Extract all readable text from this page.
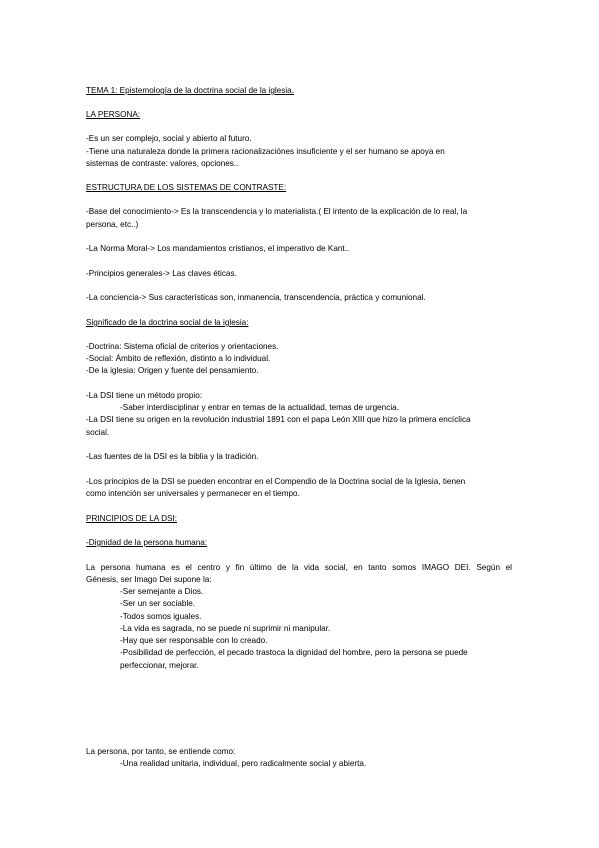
TEMA 1: Epistemología de la doctrina social de la iglesia.
LA PERSONA:
-Es un ser complejo, social y abierto al futuro.
-Tiene una naturaleza donde la primera racionalizaciónes insuficiente y el ser humano se apoya en
sistemas de contraste: valores, opciones..
ESTRUCTURA DE LOS SISTEMAS DE CONTRASTE:
-Base del conocimiento-> Es la transcendencia y lo materialista.( El intento de la explicación de lo real, la
persona, etc..)
-La Norma Moral-> Los mandamientos cristianos, el imperativo de Kant..
-Principios generales-> Las claves éticas.
-La conciencia-> Sus características son, inmanencia, transcendencia, práctica y comunional.
Significado de la doctrina social de la iglesia:
-Doctrina: Sistema oficial de criterios y orientaciones.
-Social: Ámbito de reflexión, distinto a lo individual.
-De la iglesia: Origen y fuente del pensamiento.
-La DSI tiene un método propio:
-Saber interdisciplinar y entrar en temas de la actualidad, temas de urgencia.
-La DSI tiene su origen en la revolución industrial 1891 con el papa León XIII que hizo la primera encíclica
social.
-Las fuentes de la DSI es la biblia y la tradición.
-Los principios de la DSI se pueden encontrar en el Compendio de la Doctrina social de la Iglesia, tienen
como intención ser universales y permanecer en el tiempo.
PRINCIPIOS DE LA DSI:
-Dignidad de la persona humana:
La persona humana es el centro y fin último de la vida social, en tanto somos IMAGO DEI. Según el
Génesis, ser Imago Dei supone la:
-Ser semejante a Dios.
-Ser un ser sociable.
-Todos somos iguales.
-La vida es sagrada, no se puede ni suprimir ni manipular.
-Hay que ser responsable con lo creado.
-Posibilidad de perfección, el pecado trastoca la dignidad del hombre, pero la persona se puede
perfeccionar, mejorar.
La persona, por tanto, se entiende como:
-Una realidad unitaria, individual, pero radicalmente social y abierta.
